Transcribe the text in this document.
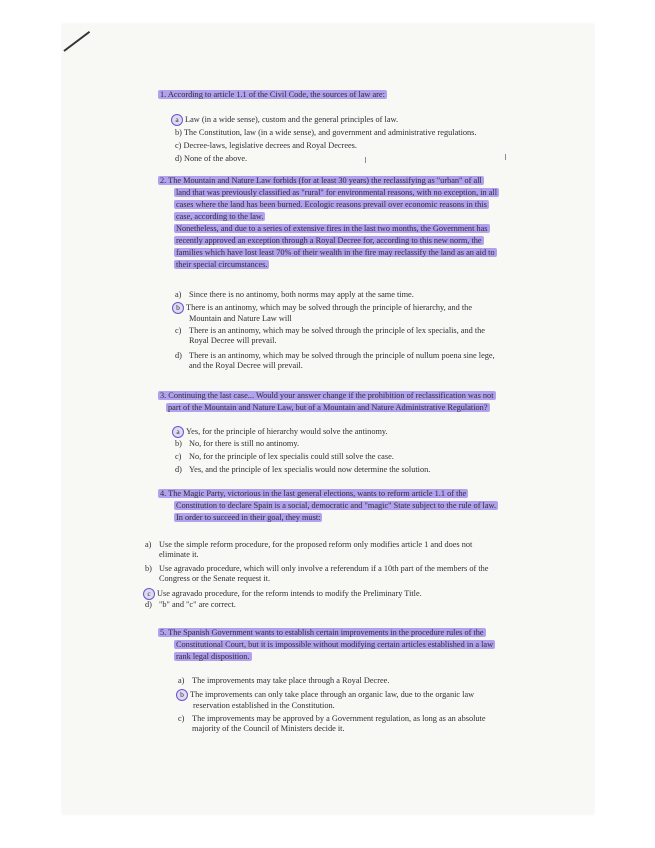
1. According to article 1.1 of the Civil Code, the sources of law are:
a Law (in a wide sense), custom and the general principles of law.
b) The Constitution, law (in a wide sense), and government and administrative regulations.
c) Decree-laws, legislative decrees and Royal Decrees.
d) None of the above.
2. The Mountain and Nature Law forbids (for at least 30 years) the reclassifying as "urban" of all
land that was previously classified as "rural" for environmental reasons, with no exception, in all
cases where the land has been burned. Ecologic reasons prevail over economic reasons in this
case, according to the law.
Nonetheless, and due to a series of extensive fires in the last two months, the Government has
recently approved an exception through a Royal Decree for, according to this new norm, the
families which have lost least 70% of their wealth in the fire may reclassify the land as an aid to
their special circumstances.
a) Since there is no antinomy, both norms may apply at the same time.
b There is an antinomy, which may be solved through the principle of hierarchy, and the
Mountain and Nature Law will
c) There is an antinomy, which may be solved through the principle of lex specialis, and the
Royal Decree will prevail.
d) There is an antinomy, which may be solved through the principle of nullum poena sine lege,
and the Royal Decree will prevail.
3. Continuing the last case... Would your answer change if the prohibition of reclassification was not
part of the Mountain and Nature Law, but of a Mountain and Nature Administrative Regulation?
a Yes, for the principle of hierarchy would solve the antinomy.
b) No, for there is still no antinomy.
c) No, for the principle of lex specialis could still solve the case.
d) Yes, and the principle of lex specialis would now determine the solution.
4. The Magic Party, victorious in the last general elections, wants to reform article 1.1 of the
Constitution to declare Spain is a social, democratic and "magic" State subject to the rule of law.
In order to succeed in their goal, they must:
a) Use the simple reform procedure, for the proposed reform only modifies article 1 and does not
eliminate it.
b) Use agravado procedure, which will only involve a referendum if a 10th part of the members of the
Congress or the Senate request it.
c Use agravado procedure, for the reform intends to modify the Preliminary Title.
d) "b" and "c" are correct.
5. The Spanish Government wants to establish certain improvements in the procedure rules of the
Constitutional Court, but it is impossible without modifying certain articles established in a law
rank legal disposition.
a) The improvements may take place through a Royal Decree.
b The improvements can only take place through an organic law, due to the organic law
reservation established in the Constitution.
c) The improvements may be approved by a Government regulation, as long as an absolute
majority of the Council of Ministers decide it.
